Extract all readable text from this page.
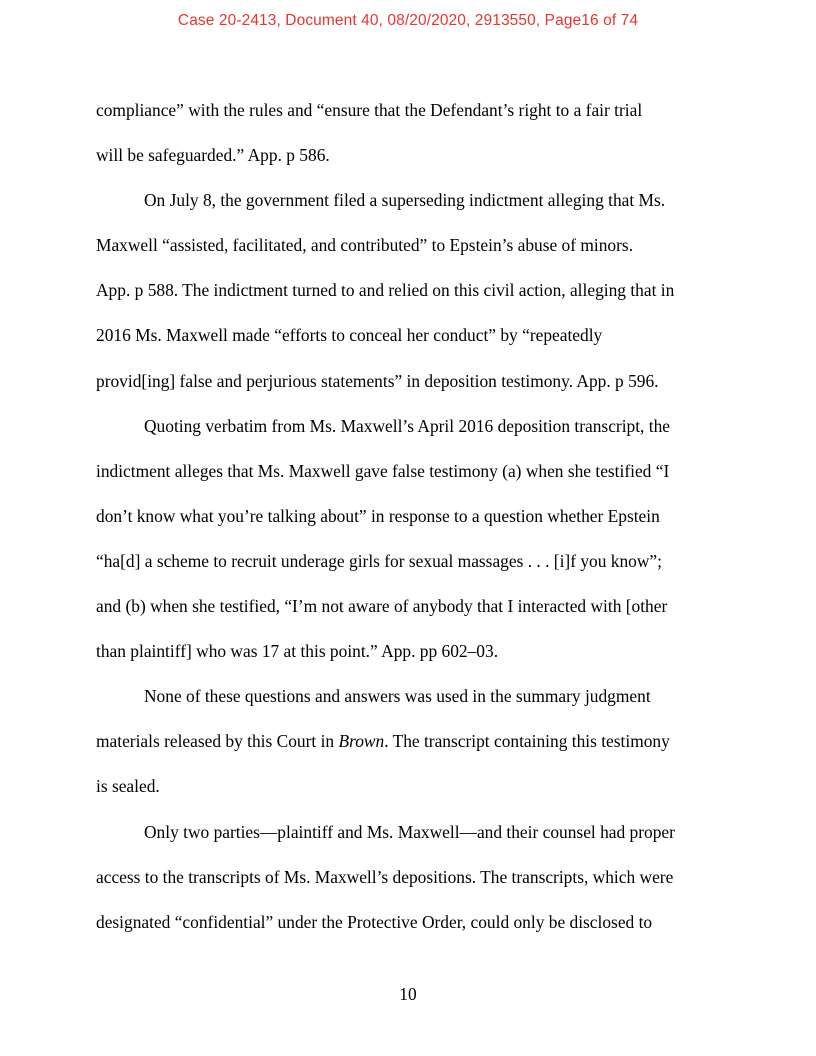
Case 20-2413, Document 40, 08/20/2020, 2913550, Page16 of 74

compliance” with the rules and “ensure that the Defendant’s right to a fair trial
will be safeguarded.” App. p 586.

On July 8, the government filed a superseding indictment alleging that Ms.
Maxwell “assisted, facilitated, and contributed” to Epstein’s abuse of minors.
App. p 588. The indictment turned to and relied on this civil action, alleging that in
2016 Ms. Maxwell made “efforts to conceal her conduct” by “repeatedly
provid[ing] false and perjurious statements” in deposition testimony. App. p 596.

Quoting verbatim from Ms. Maxwell’s April 2016 deposition transcript, the
indictment alleges that Ms. Maxwell gave false testimony (a) when she testified “I
don’t know what you’re talking about” in response to a question whether Epstein
“ha[d] a scheme to recruit underage girls for sexual massages . . . [i]f you know”;
and (b) when she testified, “I’m not aware of anybody that I interacted with [other
than plaintiff] who was 17 at this point.” App. pp 602–03.

None of these questions and answers was used in the summary judgment
materials released by this Court in Brown. The transcript containing this testimony
is sealed.

Only two parties—plaintiff and Ms. Maxwell—and their counsel had proper
access to the transcripts of Ms. Maxwell’s depositions. The transcripts, which were
designated “confidential” under the Protective Order, could only be disclosed to

10
